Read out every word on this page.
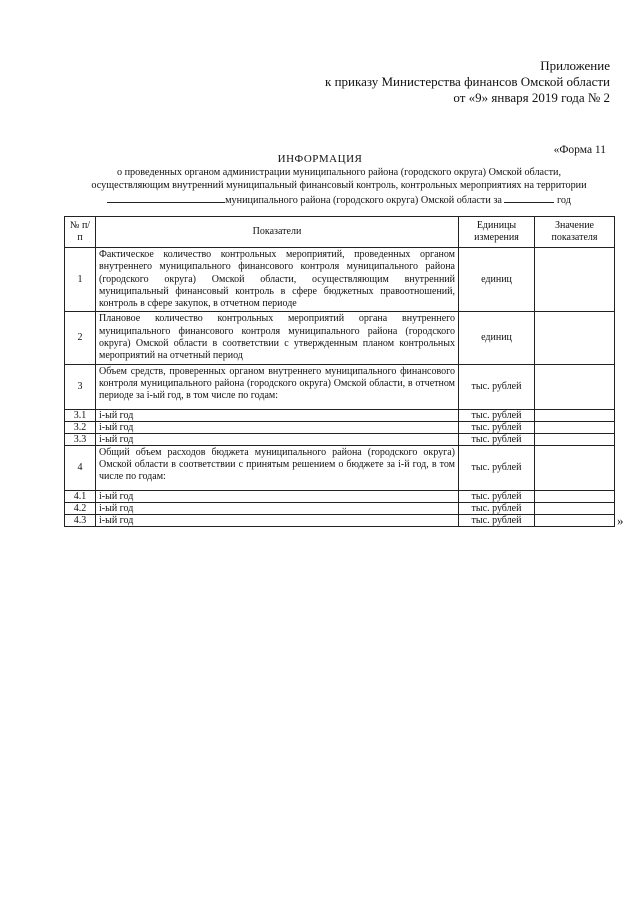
Приложение
к приказу Министерства финансов Омской области
от «9» января 2019 года № 2
«Форма 11
ИНФОРМАЦИЯ
о проведенных органом администрации муниципального района (городского округа) Омской области,
осуществляющим внутренний муниципальный финансовый контроль, контрольных мероприятиях на территории
муниципального района (городского округа) Омской области за	год
№ п/п	Показатели	Единицы измерения	Значение показателя
1	Фактическое количество контрольных мероприятий, проведенных органом внутреннего муниципального финансового контроля муниципального района (городского округа) Омской области, осуществляющим внутренний муниципальный финансовый контроль в сфере бюджетных правоотношений, контроль в сфере закупок, в отчетном периоде	единиц	
2	Плановое количество контрольных мероприятий органа внутреннего муниципального финансового контроля муниципального района (городского округа) Омской области в соответствии с утвержденным планом контрольных мероприятий на отчетный период	единиц	
3	Объем средств, проверенных органом внутреннего муниципального финансового контроля муниципального района (городского округа) Омской области, в отчетном периоде за i-ый год, в том числе по годам:	тыс. рублей	
3.1	i-ый год	тыс. рублей	
3.2	i-ый год	тыс. рублей	
3.3	i-ый год	тыс. рублей	
4	Общий объем расходов бюджета муниципального района (городского округа) Омской области в соответствии с принятым решением о бюджете за i-й год, в том числе по годам:	тыс. рублей	
4.1	i-ый год	тыс. рублей	
4.2	i-ый год	тыс. рублей	
4.3	i-ый год	тыс. рублей		»
